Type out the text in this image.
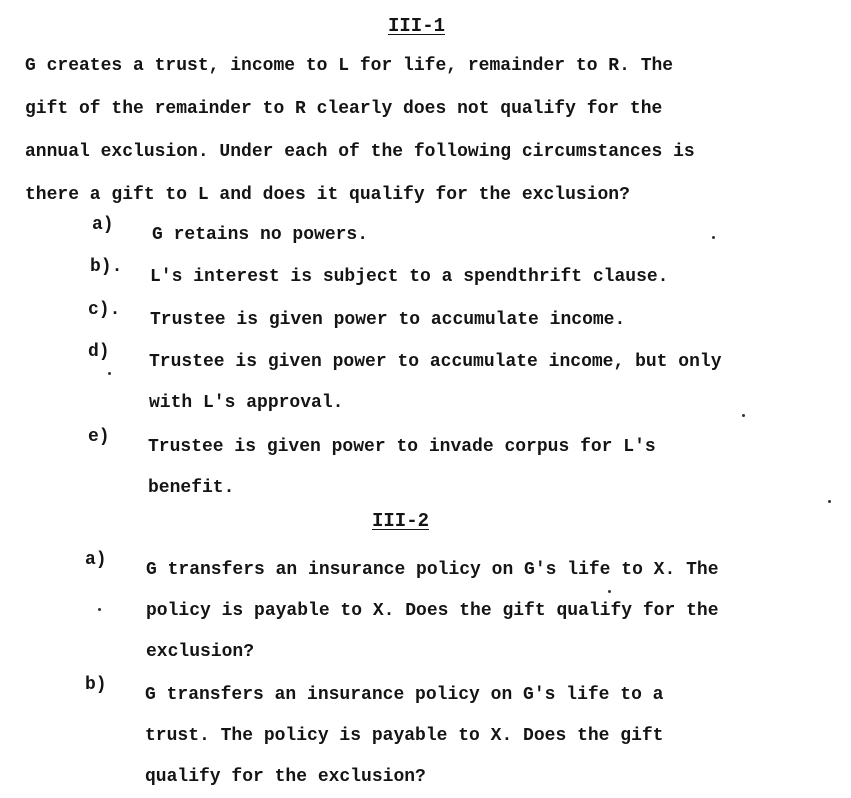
III-1
G creates a trust, income to L for life, remainder to R. The
gift of the remainder to R clearly does not qualify for the
annual exclusion. Under each of the following circumstances is
there a gift to L and does it qualify for the exclusion?
a) G retains no powers.
b). L's interest is subject to a spendthrift clause.
c). Trustee is given power to accumulate income.
d) Trustee is given power to accumulate income, but only
with L's approval.
e) Trustee is given power to invade corpus for L's
benefit.
III-2
a) G transfers an insurance policy on G's life to X. The
policy is payable to X. Does the gift qualify for the
exclusion?
b) G transfers an insurance policy on G's life to a
trust. The policy is payable to X. Does the gift
qualify for the exclusion?
